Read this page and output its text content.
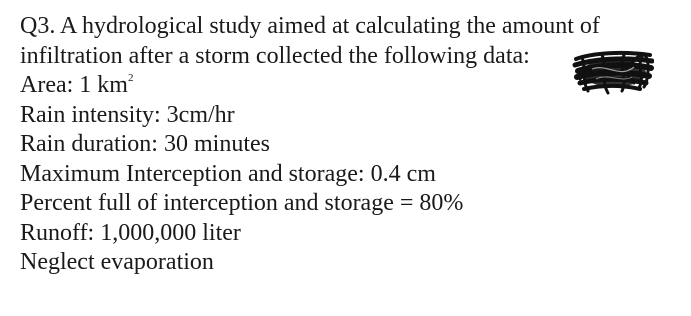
Q3. A hydrological study aimed at calculating the amount of
infiltration after a storm collected the following data:
Area: 1 $km^2$
Rain intensity: 3cm/hr
Rain duration: 30 minutes
Maximum Interception and storage: 0.4 cm
Percent full of interception and storage = 80%
Runoff: 1,000,000 liter
Neglect evaporation
